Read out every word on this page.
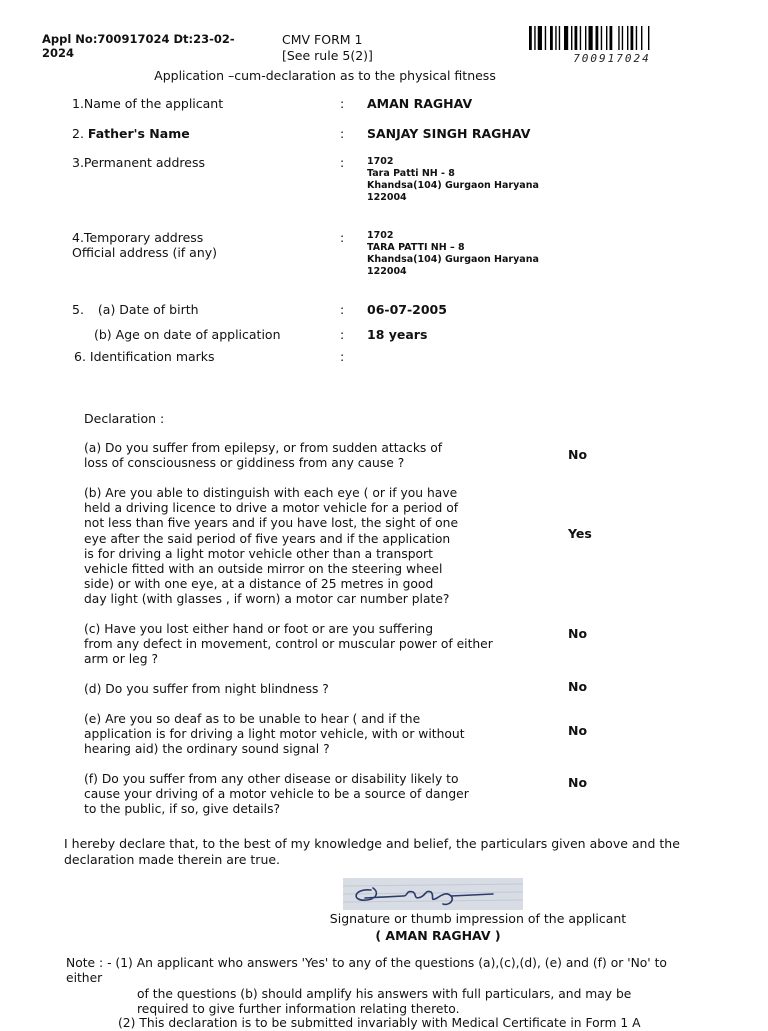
Appl No:700917024 Dt:23-02-2024
CMV FORM 1
[See rule 5(2)]	700917024
Application –cum-declaration as to the physical fitness
1.Name of the applicant	: AMAN RAGHAV
2. Father's Name	: SANJAY SINGH RAGHAV
3.Permanent address	: 1702
Tara Patti NH - 8
Khandsa(104) Gurgaon Haryana
122004
4.Temporary address
Official address (if any)
: 1702
TARA PATTI NH – 8
Khandsa(104) Gurgaon Haryana
122004
5. (a) Date of birth	: 06-07-2005
(b) Age on date of application	: 18 years
6. Identification marks	:
Declaration :
(a) Do you suffer from epilepsy, or from sudden attacks of
loss of consciousness or giddiness from any cause ?
No
(b) Are you able to distinguish with each eye ( or if you have
held a driving licence to drive a motor vehicle for a period of
not less than five years and if you have lost, the sight of one
eye after the said period of five years and if the application
is for driving a light motor vehicle other than a transport
vehicle fitted with an outside mirror on the steering wheel
side) or with one eye, at a distance of 25 metres in good
day light (with glasses , if worn) a motor car number plate?
Yes
(c) Have you lost either hand or foot or are you suffering
from any defect in movement, control or muscular power of either
arm or leg ?
No
(d) Do you suffer from night blindness ?	No
(e) Are you so deaf as to be unable to hear ( and if the
application is for driving a light motor vehicle, with or without
hearing aid) the ordinary sound signal ?
No
(f) Do you suffer from any other disease or disability likely to
cause your driving of a motor vehicle to be a source of danger
to the public, if so, give details?
No
I hereby declare that, to the best of my knowledge and belief, the particulars given above and the
declaration made therein are true.
Signature or thumb impression of the applicant
( AMAN RAGHAV )
Note : - (1) An applicant who answers 'Yes' to any of the questions (a),(c),(d), (e) and (f) or 'No' to
either
of the questions (b) should amplify his answers with full particulars, and may be
required to give further information relating thereto.
(2) This declaration is to be submitted invariably with Medical Certificate in Form 1 A
